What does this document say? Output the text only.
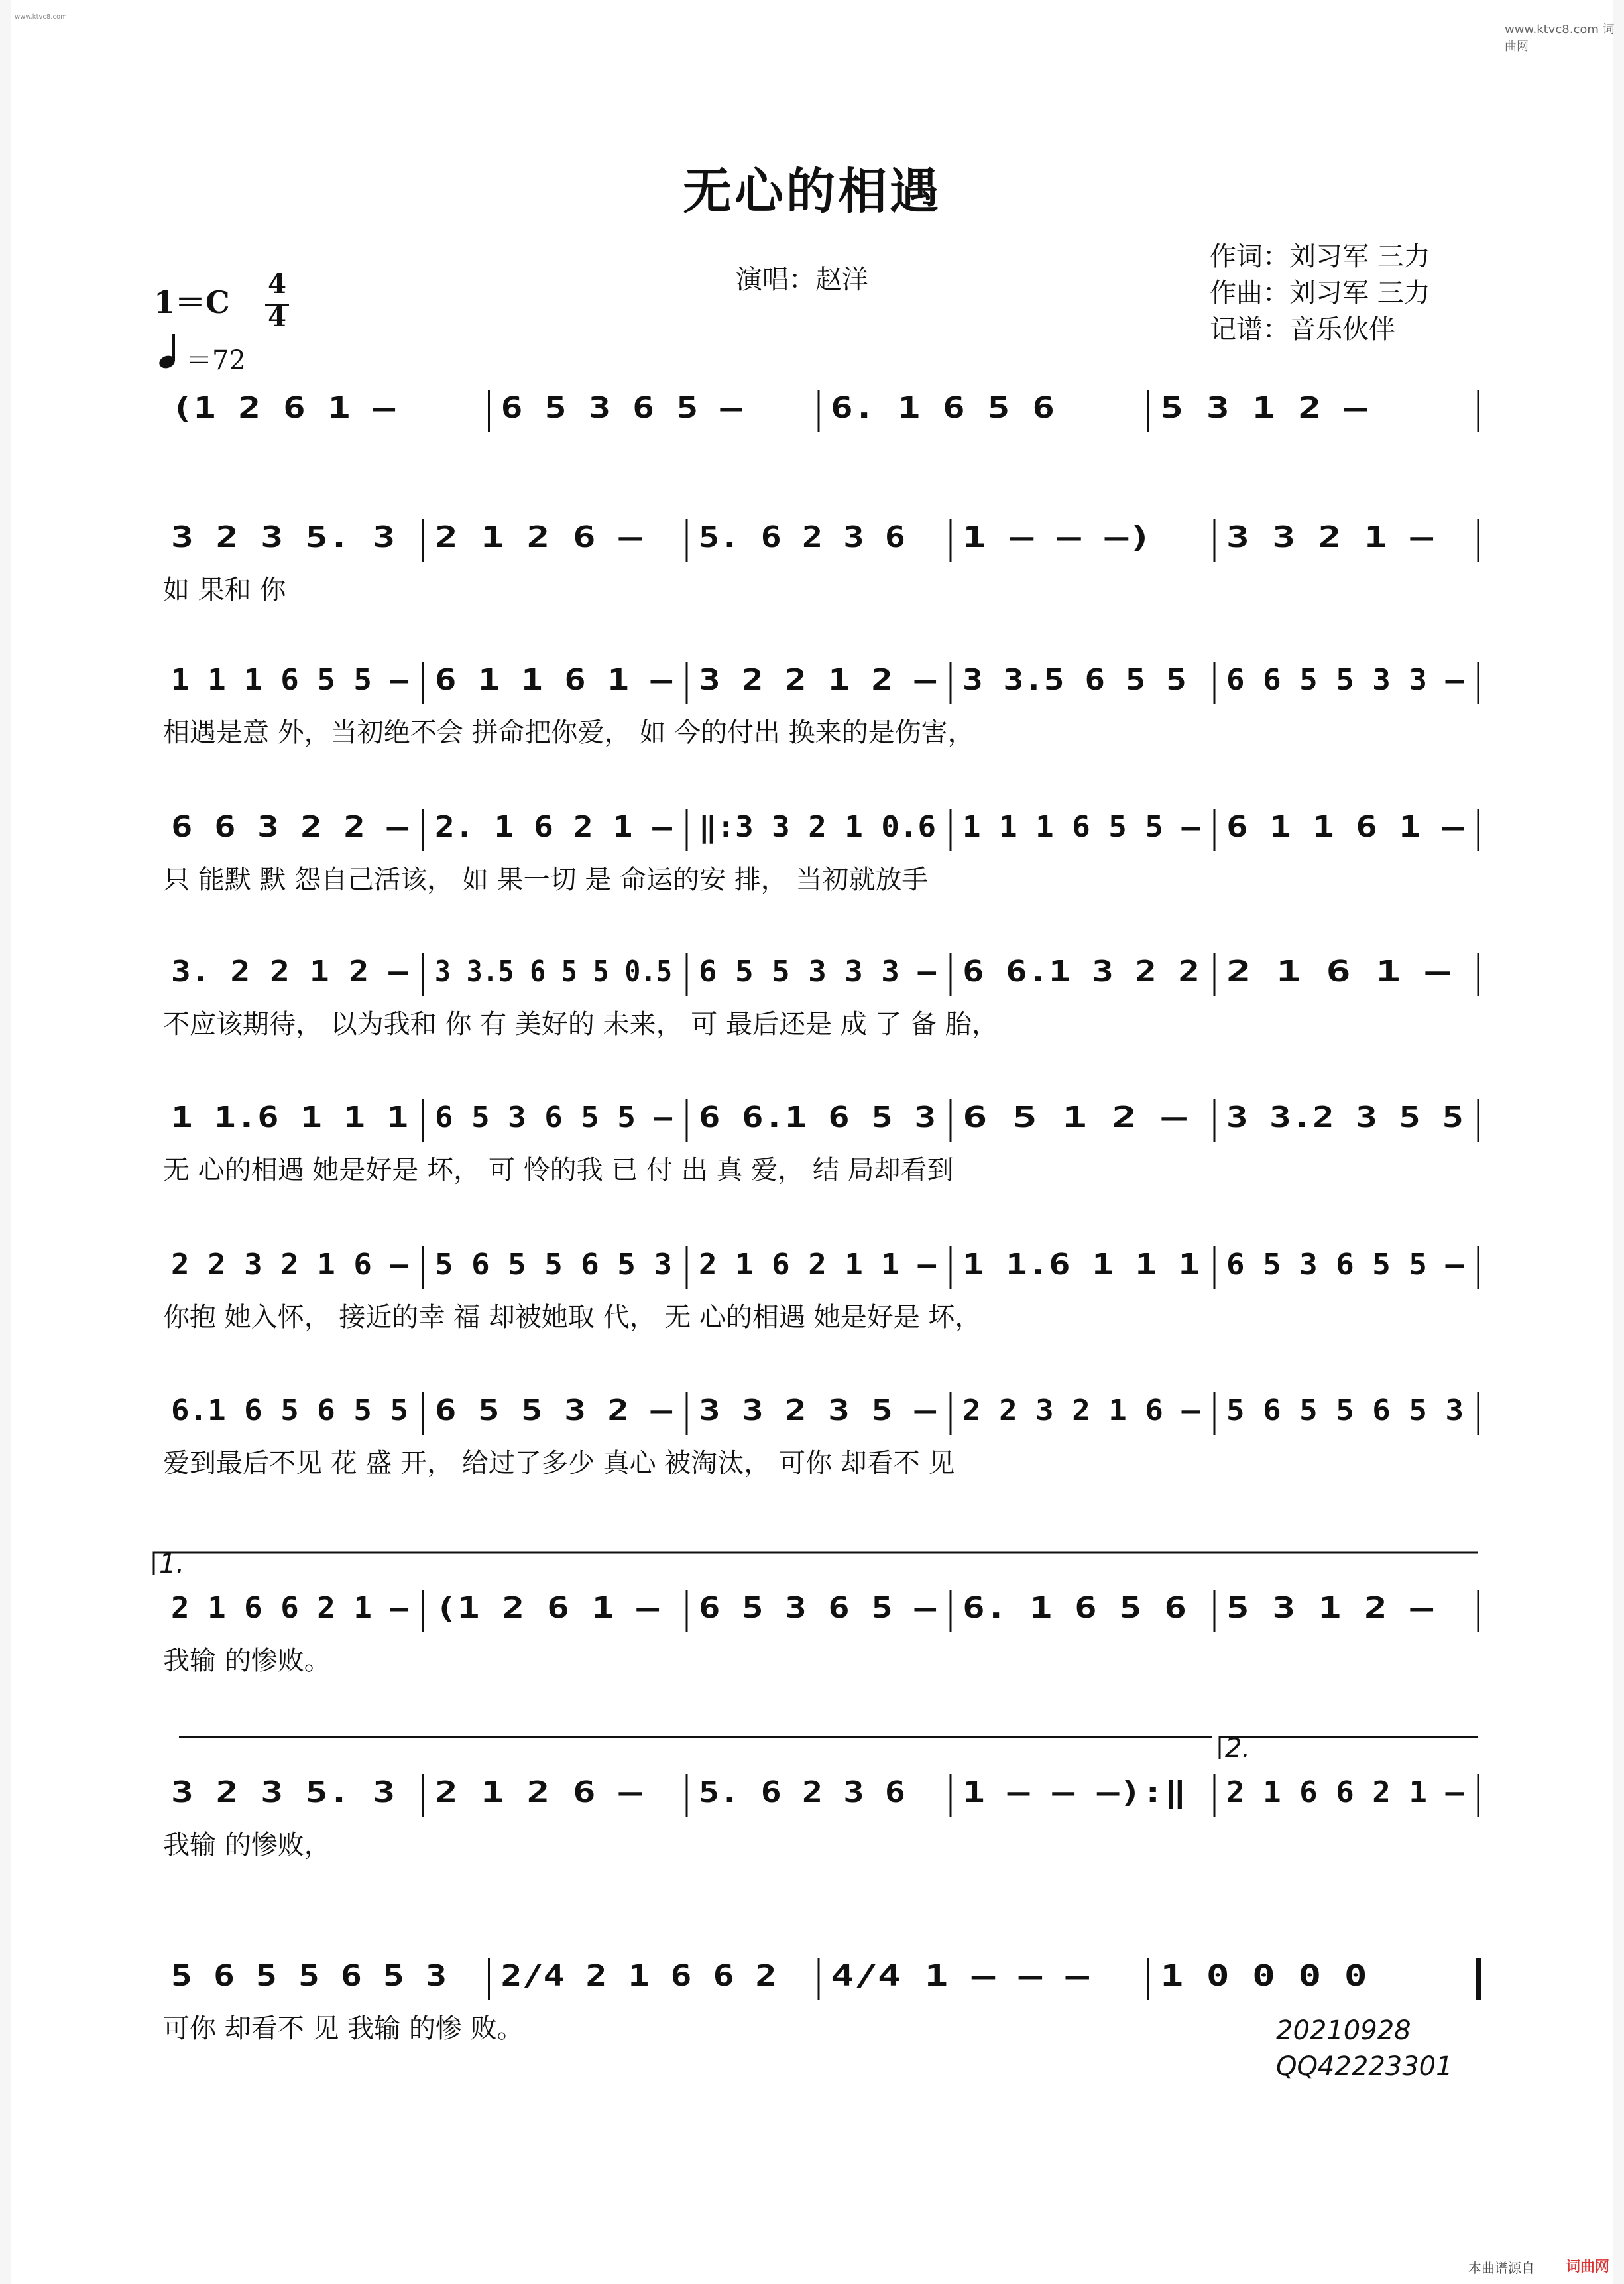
www.ktvc8.com
www.ktvc8.com 词曲网
无心的相遇
演唱：赵洋
作词：刘习军 三力
作曲：刘习军 三力
记谱：音乐伙伴
1＝C
4
4
＝72
(1 2 6 1 –	6 5 3 6 5 –	6. 1 6 5 6	5 3 1 2 –
3 2 3 5. 3 2 1 2 6 – 5. 6 2 3 6 1 – – –)	3 3 2 1 –
如 果和 你
1 1 1 6 5 5 – 6 1 1 6 1 – 3 2 2 1 2 – 3 3.5 6 5 5 6 6 5 5 3 3 –
相遇是意 外，当初绝不会 拼命把你爱， 如 今的付出 换来的是伤害，
6 6 3 2 2 – 2. 1 6 2 1 – ‖:3 3 2 1 0.6 1 1 1 6 5 5 – 6 1 1 6 1 –
只 能默 默 怨自己活该， 如 果一切 是 命运的安 排， 当初就放手
3. 2 2 1 2 – 3 3.5 6 5 5 0.5 6 5 5 3 3 3 – 6 6.1 3 2 2 2 1 6 1 –
不应该期待， 以为我和 你 有 美好的 未来， 可 最后还是 成 了 备 胎，
1 1.6 1 1 1 6 5 3 6 5 5 – 6 6.1 6 5 3 6 5 1 2 – 3 3.2 3 5 5
无 心的相遇 她是好是 坏， 可 怜的我 已 付 出 真 爱， 结 局却看到
2 2 3 2 1 6 – 5 6 5 5 6 5 3 2 1 6 2 1 1 – 1 1.6 1 1 1 6 5 3 6 5 5 –
你抱 她入怀， 接近的幸 福 却被她取 代， 无 心的相遇 她是好是 坏，
6.1 6 5 6 5 5 6 5 5 3 2 – 3 3 2 3 5 – 2 2 3 2 1 6 – 5 6 5 5 6 5 3
爱到最后不见 花 盛 开， 给过了多少 真心 被淘汰， 可你 却看不 见
2 1 6 6 2 1 – (1 2 6 1 – 6 5 3 6 5 – 6. 1 6 5 6 5 3 1 2 –
我输 的惨败。
1.
3 2 3 5. 3 2 1 2 6 – 5. 6 2 3 6 1 – – –):‖ 2 1 6 6 2 1 –
我输 的惨败，
2.
5 6 5 5 6 5 3 2/4 2 1 6 6 2 4/4 1 – – – 1 0 0 0 0
可你 却看不 见 我输 的惨 败。	20210928
QQ42223301
本曲谱源自 词曲网
